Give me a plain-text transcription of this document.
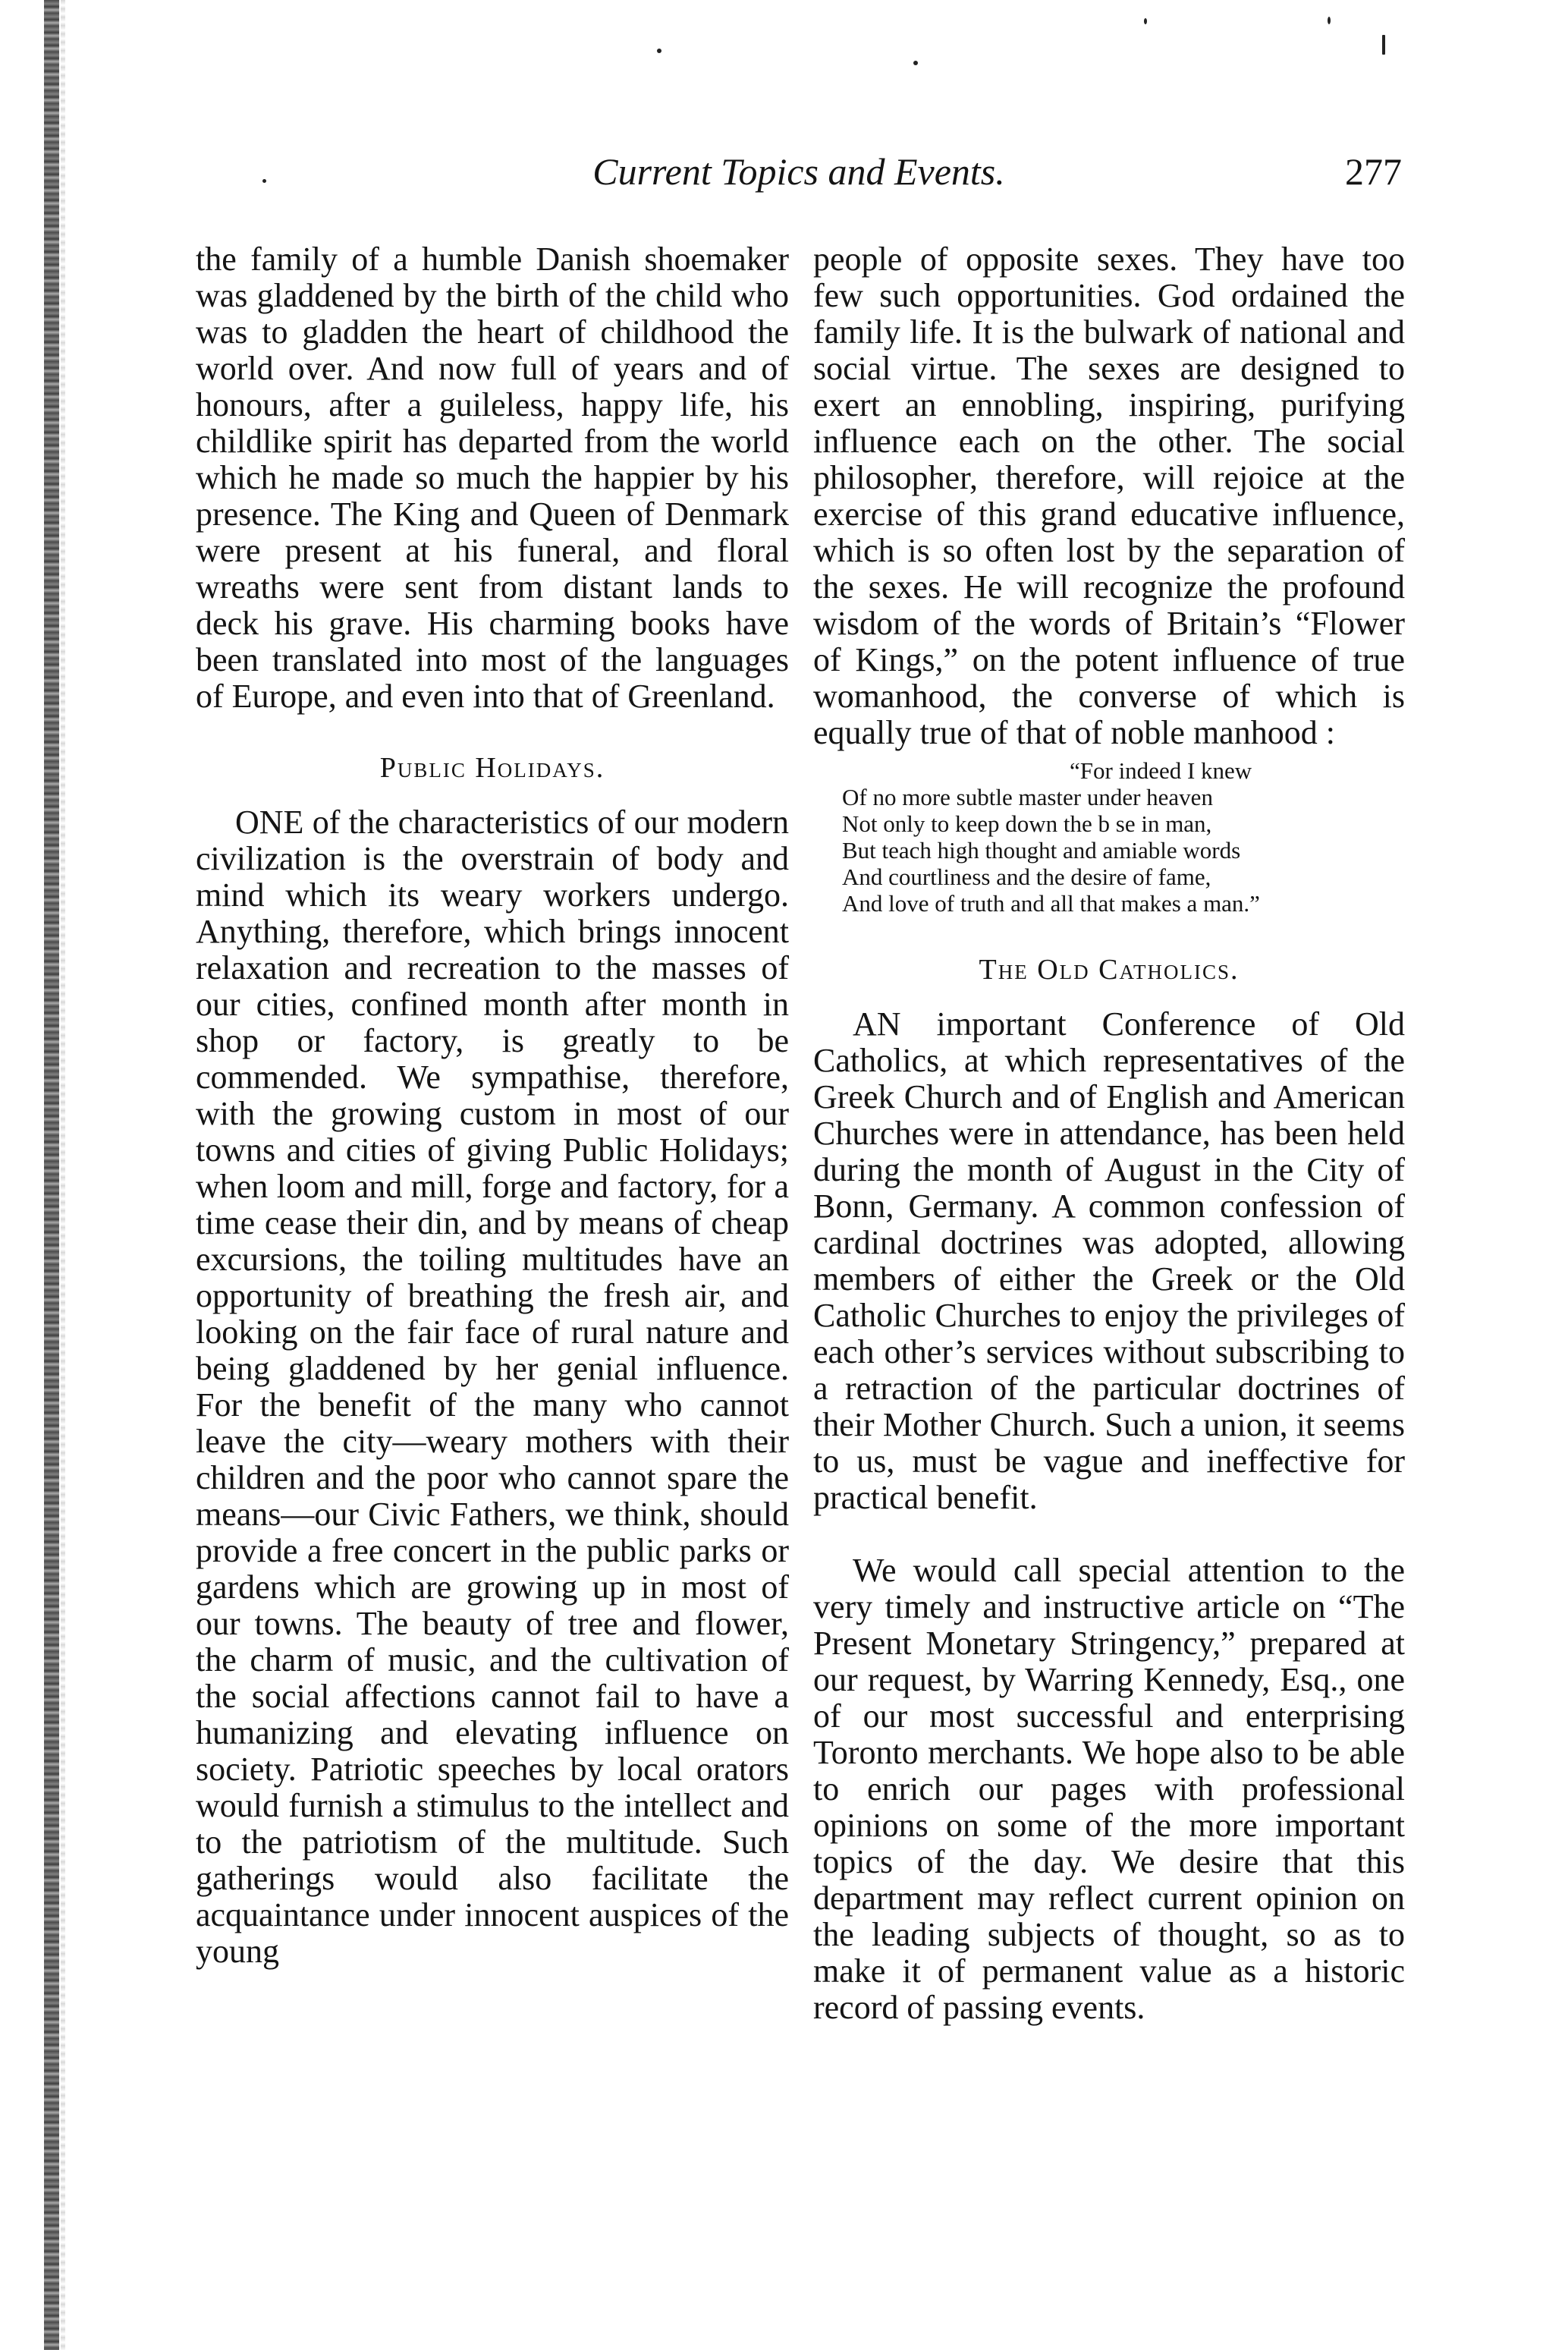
Current Topics and Events.	277

the family of a humble Danish shoemaker was gladdened by the birth of the child who was to gladden the heart of childhood the world over. And now full of years and of honours, after a guileless, happy life, his childlike spirit has departed from the world which he made so much the happier by his presence. The King and Queen of Denmark were present at his funeral, and floral wreaths were sent from distant lands to deck his grave. His charming books have been translated into most of the languages of Europe, and even into that of Greenland.

Public Holidays.

ONE of the characteristics of our modern civilization is the overstrain of body and mind which its weary workers undergo. Anything, therefore, which brings innocent relaxation and recreation to the masses of our cities, confined month after month in shop or factory, is greatly to be commended. We sympathise, therefore, with the growing custom in most of our towns and cities of giving Public Holidays; when loom and mill, forge and factory, for a time cease their din, and by means of cheap excursions, the toiling multitudes have an opportunity of breathing the fresh air, and looking on the fair face of rural nature and being gladdened by her genial influence. For the benefit of the many who cannot leave the city—weary mothers with their children and the poor who cannot spare the means—our Civic Fathers, we think, should provide a free concert in the public parks or gardens which are growing up in most of our towns. The beauty of tree and flower, the charm of music, and the cultivation of the social affections cannot fail to have a humanizing and elevating influence on society. Patriotic speeches by local orators would furnish a stimulus to the intellect and to the patriotism of the multitude. Such gatherings would also facilitate the acquaintance under innocent auspices of the young

people of opposite sexes. They have too few such opportunities. God ordained the family life. It is the bulwark of national and social virtue. The sexes are designed to exert an ennobling, inspiring, purifying influence each on the other. The social philosopher, therefore, will rejoice at the exercise of this grand educative influence, which is so often lost by the separation of the sexes. He will recognize the profound wisdom of the words of Britain’s “Flower of Kings,” on the potent influence of true womanhood, the converse of which is equally true of that of noble manhood :

“For indeed I knew
Of no more subtle master under heaven
Not only to keep down the b se in man,
But teach high thought and amiable words
And courtliness and the desire of fame,
And love of truth and all that makes a man.”
The Old Catholics.

AN important Conference of Old Catholics, at which representatives of the Greek Church and of English and American Churches were in attendance, has been held during the month of August in the City of Bonn, Germany. A common confession of cardinal doctrines was adopted, allowing members of either the Greek or the Old Catholic Churches to enjoy the privileges of each other’s services without subscribing to a retraction of the particular doctrines of their Mother Church. Such a union, it seems to us, must be vague and ineffective for practical benefit.

We would call special attention to the very timely and instructive article on “The Present Monetary Stringency,” prepared at our request, by Warring Kennedy, Esq., one of our most successful and enterprising Toronto merchants. We hope also to be able to enrich our pages with professional opinions on some of the more important topics of the day. We desire that this department may reflect current opinion on the leading subjects of thought, so as to make it of permanent value as a historic record of passing events.
